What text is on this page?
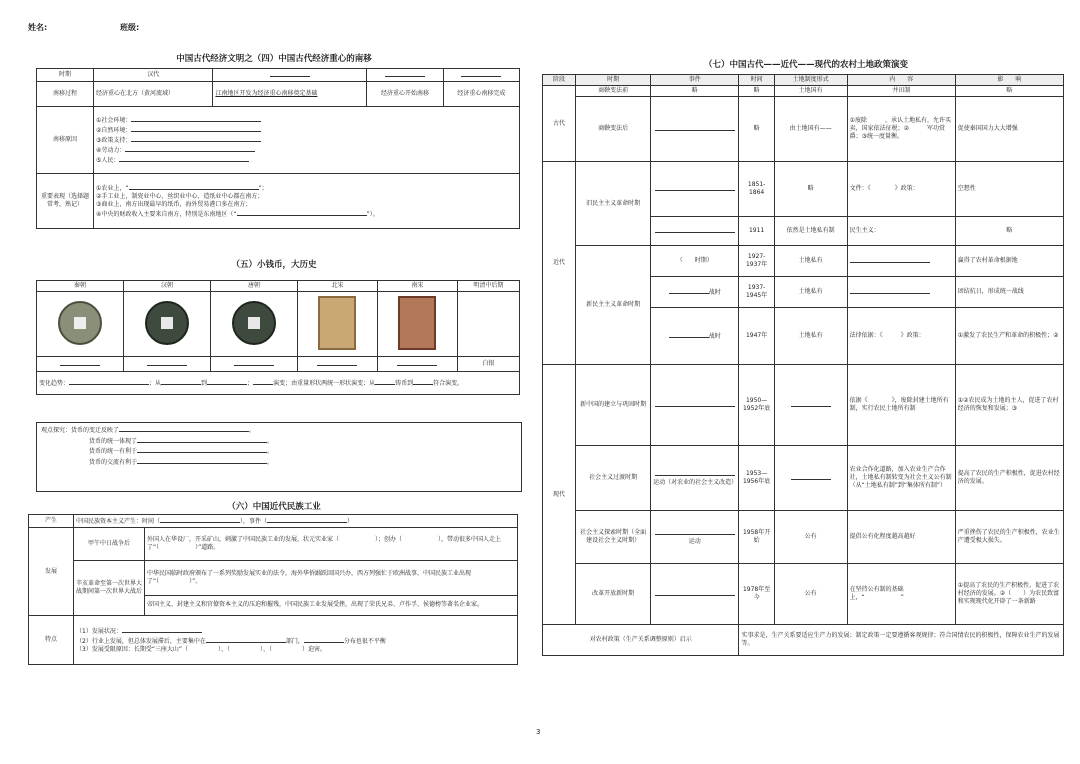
姓名:	班级:
中国古代经济文明之（四）中国古代经济重心的南移
时期	汉代			
南移过程	经济重心在北方（黄河流域）	江南地区开发为经济重心南移奠定基础	经济重心开始南移	经济重心南移完成
南移原因	①社会环境：
②自然环境：
③政策支持：
④劳动力：
⑤人民：			

重要表现（选择题常考，熟记）	①农业上，“ ”；
②手工业上，制瓷业中心、丝织业中心、造纸业中心都在南方；
③商业上，南方出现最早的纸币，海外贸易港口多在南方；
④中央的财政收入主要来自南方，特别是东南地区（“ ”）。			
（五）小钱币，大历史
秦朝	汉朝	唐朝	北宋	南宋	明清中后期

					白银
变化趋势： ；从 到 ； 演变；由重量形状两统一形状演变；从 铸币到 符合演变。					
观点探究：货币的变迁反映了	。
货币的统一体现了	。
货币的统一有利于	。
货币的交流有利于	。
（六）中国近代民族工业
产生	中国民族资本主义产生：时间（ ），事件（ ）	
发展	甲午中日战争后	外国人在华设厂，开采矿山，刺激了中国民族工业的发展，状元实业家（　　　　　　）；创办（　　　　　　），带动很多中国人走上了“（　　　　　　）”道路。
	辛亥革命至第一次世界大战期间第一次世界大战后	中华民国临时政府颁布了一系列奖励发展实业的法令，海外华侨踊跃回国兴办，西方列强忙于欧洲战事，中国民族工业出现了“（　　　　　）”。
		帝国主义、封建主义和官僚资本主义的压迫和摧残，中国民族工业发展受挫，出现了荣氏兄弟、卢作孚、侯德榜等著名企业家。
特点	（1）发展状况：
（2）行业上发展，但总体发展滞后，主要集中在 部门， 分布也很不平衡
（3）发展受限原因：长期受“三座大山”（　　　　　）、（　　　　　）、（　　　　　）迫害。	
（七）中国古代——近代——现代的农村土地政策演变
阶段	时期	事件	时间	土地制度形式	内　　容	影　　响
古代	商鞅变法前	略	略	土地国有	井田制	略
	商鞅变法后		略	由土地国有——	①废除　　　，承认土地私有，允许买卖，国家依法征税；②　　　军功赏爵；③统一度量衡。	促使秦国国力大大增强
近代	旧民主主义革命时期		1851-1864	略	文件：《　　　　》政策：	空想性
			1911	依然是土地私有制	民生主义：	略
	新民主主义革命时期	（　　时期）	1927-1937年	土地私有		赢得了农村革命根据地
		战时	1937-1945年	土地私有		团结抗日，形成统一战线
		战时	1947年	土地私有	法律依据：《　　　》政策：	①激发了农民生产和革命的积极性；②
现代	新中国的建立与巩固时期		1950—1952年底		依据《　　　　》，废除封建土地所有制，实行农民土地所有制	①②农民成为土地的主人，促进了农村经济的恢复和发展；③
	社会主义过渡时期	运动（对农业的社会主义改造）	1953—1956年底		农业合作化道路，加入农业生产合作社，土地私有制转变为社会主义公有制（从“土地私有制”到“集体所有制”）	提高了农民的生产积极性，促进农村经济的发展。
	社会主义探索时期（全面建设社会主义时期）	运动	1958年开始	公有	提倡公有化程度越高越好	严重挫伤了农民的生产积极性，农业生产遭受极大损失。
	改革开放新时期		1978年至今	公有	在坚持公有制的基础上，“　　　　　　”	①提高了农民的生产积极性，促进了农村经济的发展。②（　　）为农民致富和实现现代化开辟了一条新路
对农村政策（生产关系调整原则）启示			实事求是，生产关系要适应生产力的发展；制定政策一定要遵循客观规律；符合国情农民的积极性，保障农业生产的发展等。			
3
